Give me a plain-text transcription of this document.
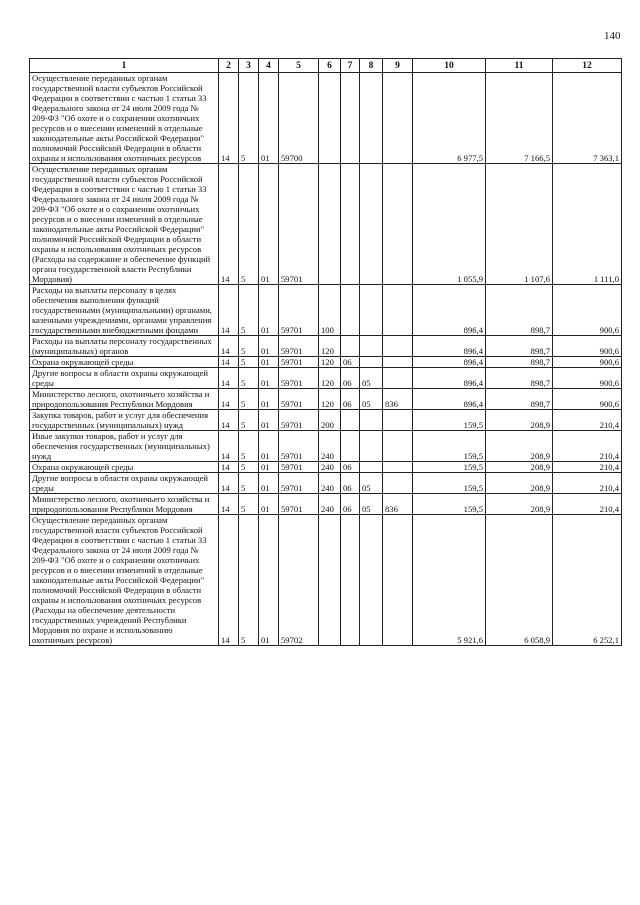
140
1	2	3	4	5	6	7	8	9	10	11	12
Осуществление переданных органам государственной власти субъектов Российской Федерации в соответствии с частью 1 статьи 33 Федерального закона от 24 июля 2009 года № 209-ФЗ "Об охоте и о сохранении охотничьих ресурсов и о внесении изменений в отдельные законодательные акты Российской Федерации" полномочий Российской Федерации в области охраны и использования охотничьих ресурсов	14	5	01	59700					6 977,5	7 166,5	7 363,1
Осуществление переданных органам государственной власти субъектов Российской Федерации в соответствии с частью 1 статьи 33 Федерального закона от 24 июля 2009 года № 209-ФЗ "Об охоте и о сохранении охотничьих ресурсов и о внесении изменений в отдельные законодательные акты Российской Федерации" полномочий Российской Федерации в области охраны и использования охотничьих ресурсов (Расходы на содержание и обеспечение функций органа государственной власти Республики Мордовия)	14	5	01	59701					1 055,9	1 107,6	1 111,0
Расходы на выплаты персоналу в целях обеспечения выполнения функций государственными (муниципальными) органами, казенными учреждениями, органами управления государственными внебюджетными фондами	14	5	01	59701	100				896,4	898,7	900,6
Расходы на выплаты персоналу государственных (муниципальных) органов	14	5	01	59701	120				896,4	898,7	900,6
Охрана окружающей среды	14	5	01	59701	120	06			896,4	898,7	900,6
Другие вопросы в области охраны окружающей среды	14	5	01	59701	120	06	05		896,4	898,7	900,6
Министерство лесного, охотничьего хозяйства и природопользования Республики Мордовия	14	5	01	59701	120	06	05	836	896,4	898,7	900,6
Закупка товаров, работ и услуг для обеспечения государственных (муниципальных) нужд	14	5	01	59701	200				159,5	208,9	210,4
Иные закупки товаров, работ и услуг для обеспечения государственных (муниципальных) нужд	14	5	01	59701	240				159,5	208,9	210,4
Охрана окружающей среды	14	5	01	59701	240	06			159,5	208,9	210,4
Другие вопросы в области охраны окружающей среды	14	5	01	59701	240	06	05		159,5	208,9	210,4
Министерство лесного, охотничьего хозяйства и природопользования Республики Мордовия	14	5	01	59701	240	06	05	836	159,5	208,9	210,4
Осуществление переданных органам государственной власти субъектов Российской Федерации в соответствии с частью 1 статьи 33 Федерального закона от 24 июля 2009 года № 209-ФЗ "Об охоте и о сохранении охотничьих ресурсов и о внесении изменений в отдельные законодательные акты Российской Федерации" полномочий Российской Федерации в области охраны и использования охотничьих ресурсов (Расходы на обеспечение деятельности государственных учреждений Республики Мордовия по охране и использованию охотничьих ресурсов)	14	5	01	59702					5 921,6	6 058,9	6 252,1
